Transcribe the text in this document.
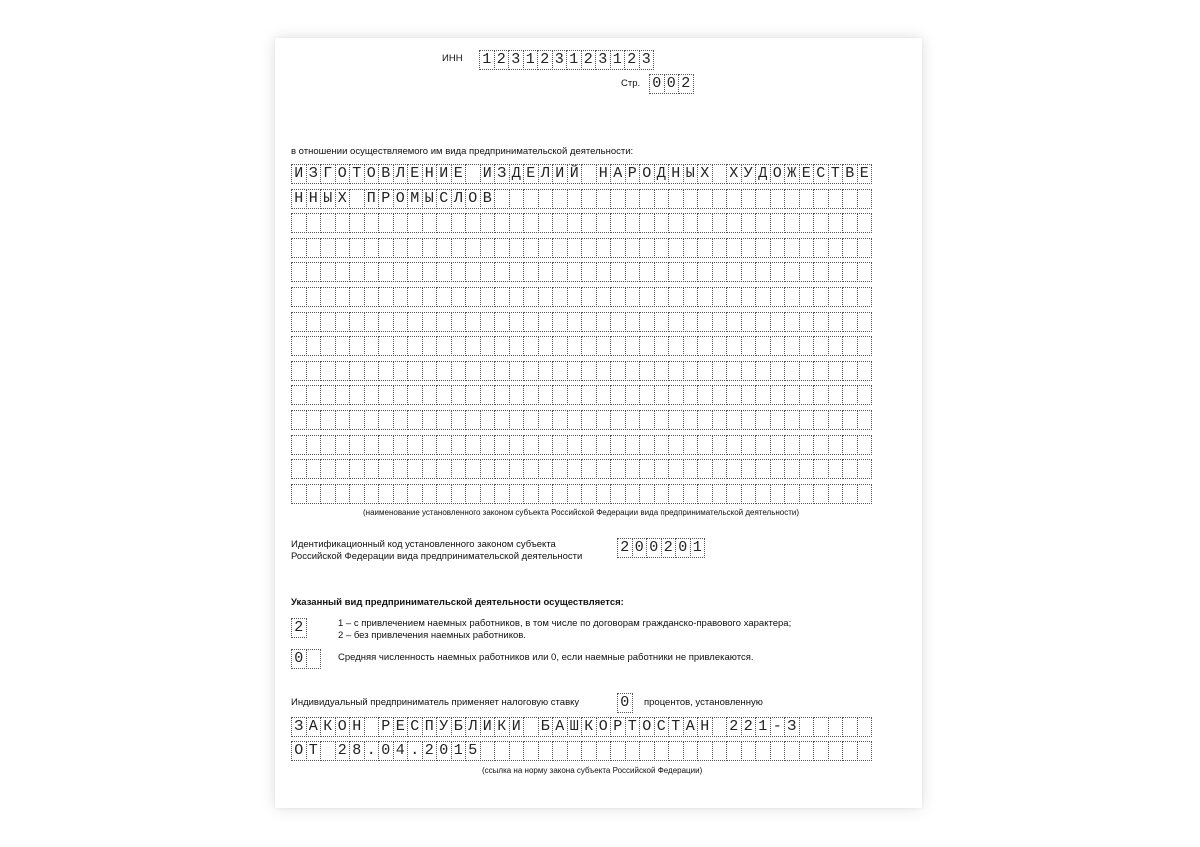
ИНН 1 2 3 1 2 3 1 2 3 1 2 3
Стр. 0 0 2
в отношении осуществляемого им вида предпринимательской деятельности:
И З Г О Т О В Л Е Н И Е И З Д Е Л И Й Н А Р О Д Н Ы Х Х У Д О Ж Е С Т В Е
Н Н Ы Х П Р О М Ы С Л О В
(наименование установленного законом субъекта Российской Федерации вида предпринимательской деятельности)
Идентификационный код установленного законом субъекта
Российской Федерации вида предпринимательской деятельности
2 0 0 2 0 1
Указанный вид предпринимательской деятельности осуществляется:
2	1 – с привлечением наемных работников, в том числе по договорам гражданско-правового характера;
2 – без привлечения наемных работников.
0	Средняя численность наемных работников или 0, если наемные работники не привлекаются.
Индивидуальный предприниматель применяет налоговую ставку	0	процентов, установленную
З А К О Н Р Е С П У Б Л И К И Б А Ш К О Р Т О С Т А Н 2 2 1 - З
О Т 2 8 . 0 4 . 2 0 1 5
(ссылка на норму закона субъекта Российской Федерации)
